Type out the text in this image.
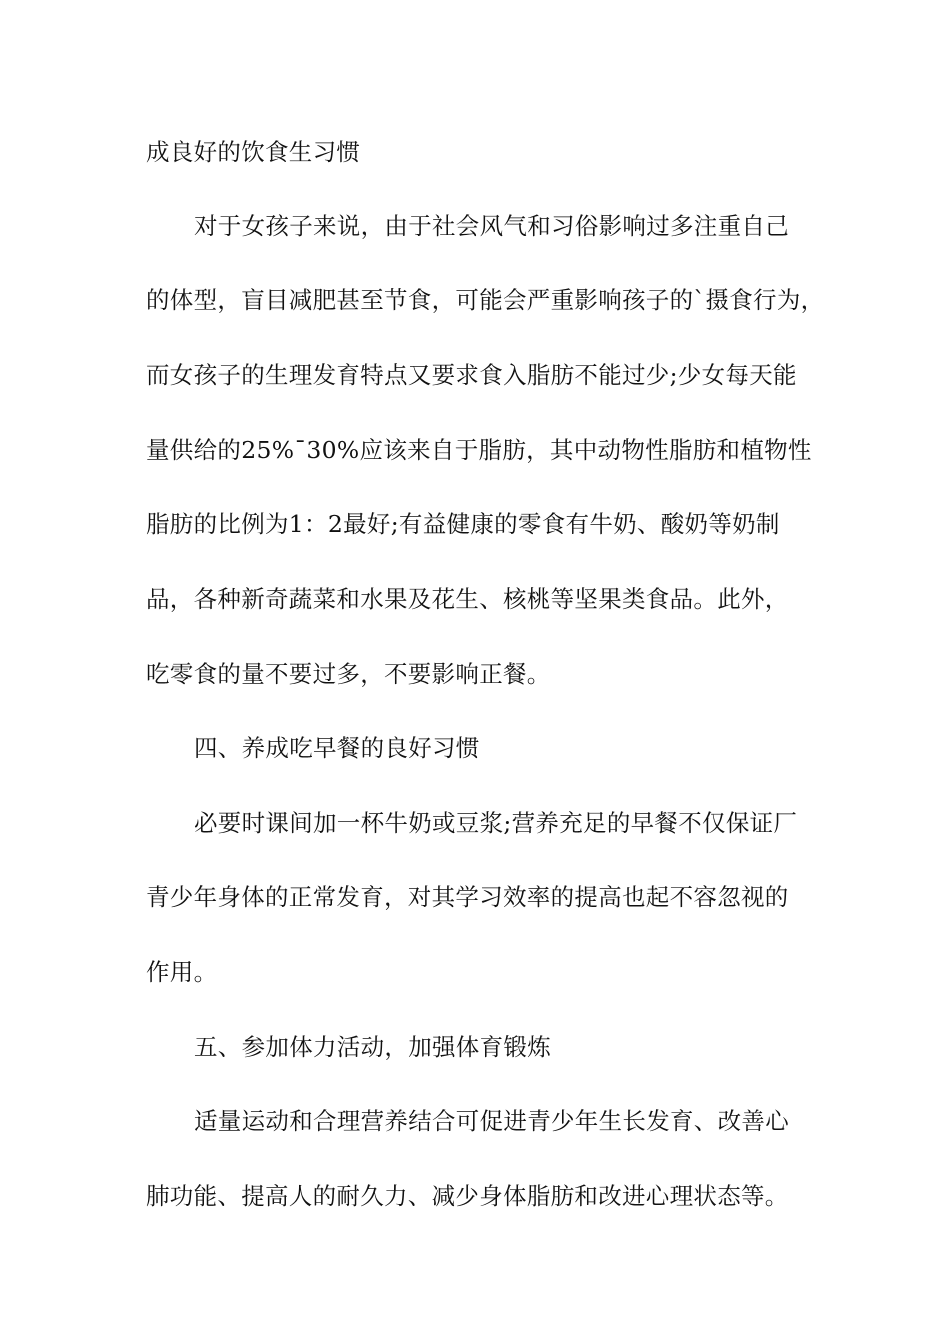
成良好的饮食生习惯
对于女孩子来说，由于社会风气和习俗影响过多注重自己
的体型，盲目减肥甚至节食，可能会严重影响孩子的`摄食行为，
而女孩子的生理发育特点又要求食入脂肪不能过少;少女每天能
量供给的25%¯30%应该来自于脂肪，其中动物性脂肪和植物性
脂肪的比例为1：2最好;有益健康的零食有牛奶、酸奶等奶制
品，各种新奇蔬菜和水果及花生、核桃等坚果类食品。此外，
吃零食的量不要过多，不要影响正餐。
四、养成吃早餐的良好习惯
必要时课间加一杯牛奶或豆浆;营养充足的早餐不仅保证厂
青少年身体的正常发育，对其学习效率的提高也起不容忽视的
作用。
五、参加体力活动，加强体育锻炼
适量运动和合理营养结合可促进青少年生长发育、改善心
肺功能、提高人的耐久力、减少身体脂肪和改进心理状态等。
